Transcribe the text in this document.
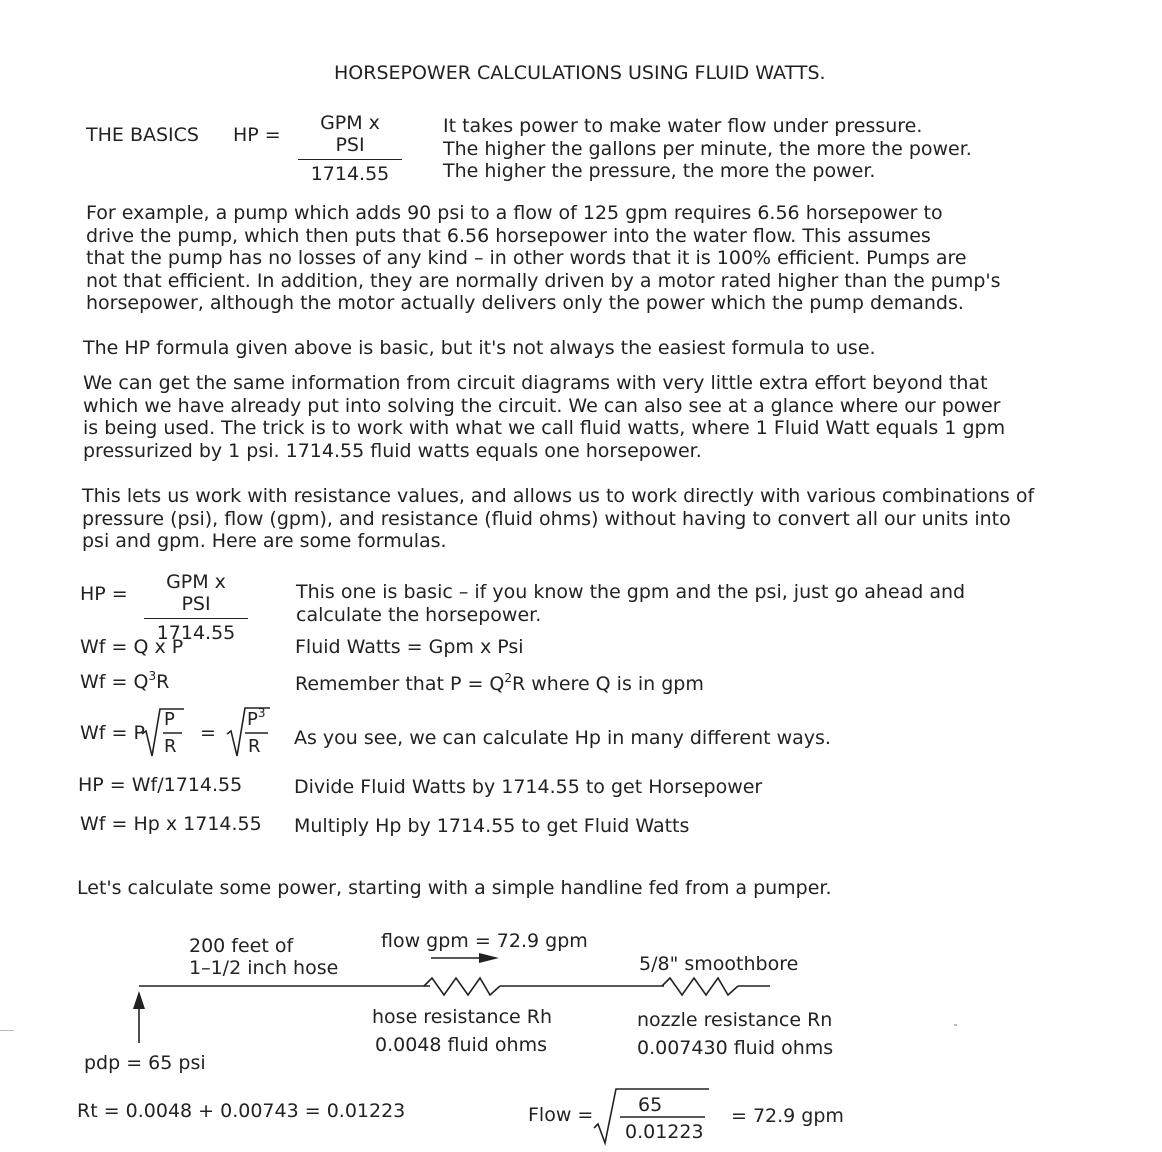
HORSEPOWER CALCULATIONS USING FLUID WATTS.
THE BASICS HP =
GPM x PSI
1714.55
It takes power to make water flow under pressure.
The higher the gallons per minute, the more the power.
The higher the pressure, the more the power.
For example, a pump which adds 90 psi to a flow of 125 gpm requires 6.56 horsepower to
drive the pump, which then puts that 6.56 horsepower into the water flow. This assumes
that the pump has no losses of any kind – in other words that it is 100% efficient. Pumps are
not that efficient. In addition, they are normally driven by a motor rated higher than the pump's
horsepower, although the motor actually delivers only the power which the pump demands.
The HP formula given above is basic, but it's not always the easiest formula to use.
We can get the same information from circuit diagrams with very little extra effort beyond that
which we have already put into solving the circuit. We can also see at a glance where our power
is being used. The trick is to work with what we call fluid watts, where 1 Fluid Watt equals 1 gpm
pressurized by 1 psi. 1714.55 fluid watts equals one horsepower.
This lets us work with resistance values, and allows us to work directly with various combinations of
pressure (psi), flow (gpm), and resistance (fluid ohms) without having to convert all our units into
psi and gpm. Here are some formulas.
HP =
GPM x PSI
1714.55
This one is basic – if you know the gpm and the psi, just go ahead and
calculate the horsepower.
Wf = Q x P	Fluid Watts = Gpm x Psi
$Wf = Q^3R$	Remember that $P = Q^2R$ where Q is in gpm
Wf = P
P
R
=
$P^3$
R As you see, we can calculate Hp in many different ways.
HP = Wf/1714.55	Divide Fluid Watts by 1714.55 to get Horsepower
Wf = Hp x 1714.55 Multiply Hp by 1714.55 to get Fluid Watts
Let's calculate some power, starting with a simple handline fed from a pumper.
200 feet of
1–1/2 inch hose
flow gpm = 72.9 gpm
5/8" smoothbore
hose resistance Rh
0.0048 fluid ohms
nozzle resistance Rn
0.007430 fluid ohms
pdp = 65 psi
Rt = 0.0048 + 0.00743 = 0.01223	Flow = 65
0.01223
= 72.9 gpm
